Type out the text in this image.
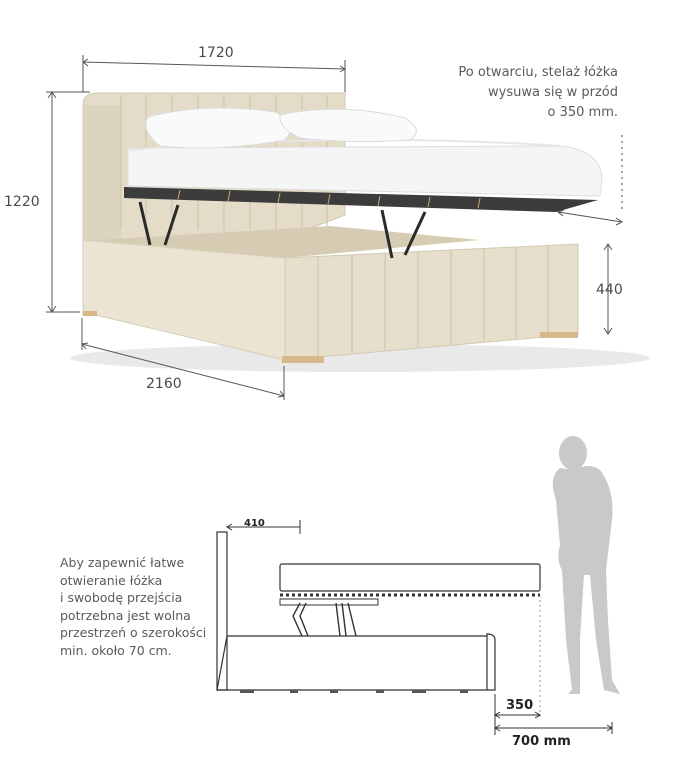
1720
1220
2160
440
Po otwarciu, stelaż łóżka
wysuwa się w przód
o 350 mm.
Aby zapewnić łatwe
otwieranie łóżka
i swobodę przejścia
potrzebna jest wolna
przestrzeń o szerokości
min. około 70 cm.
410
350
700 mm
